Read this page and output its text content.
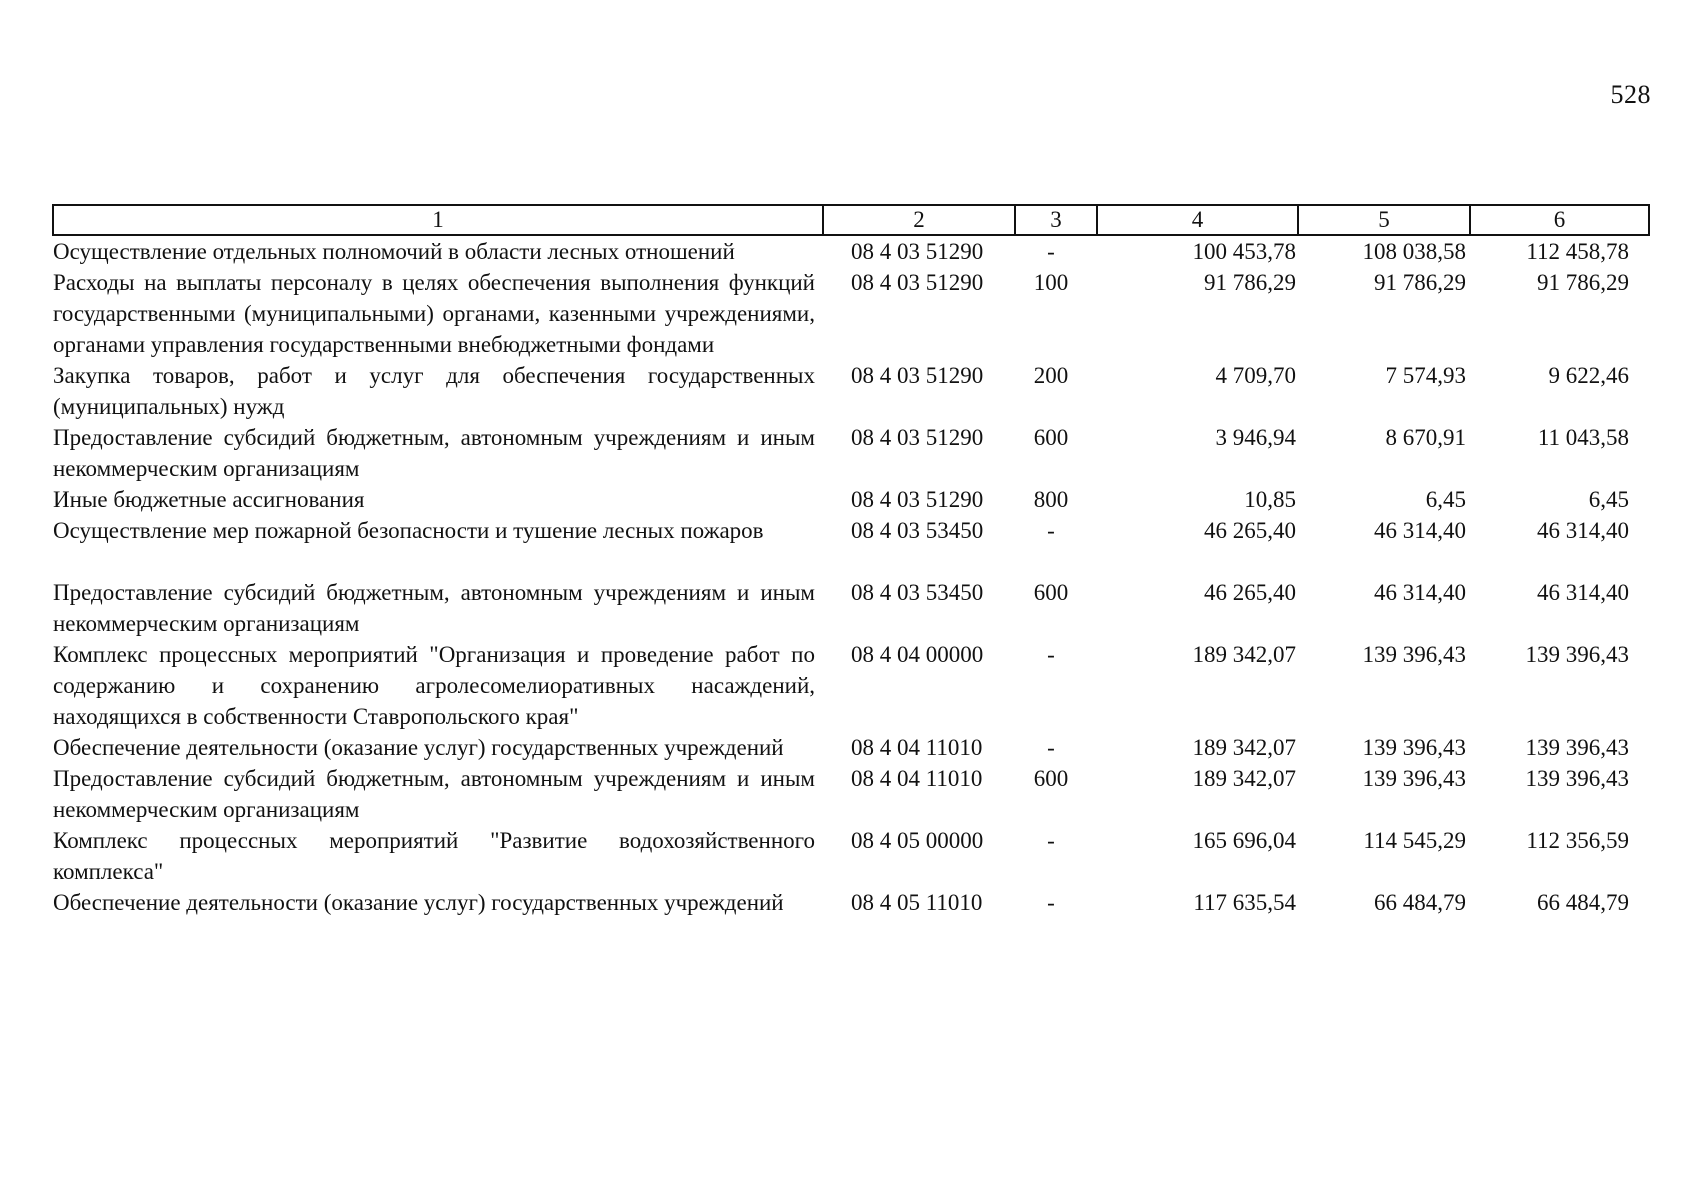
528
1	2	3	4	5	6
Осуществление отдельных полномочий в области лесных отношений	08 4 03 51290	-	100 453,78	108 038,58	112 458,78
Расходы на выплаты персоналу в целях обеспечения выполнения функций государственными (муниципальными) органами, казенными учреждениями, органами управления государственными внебюджетными фондами	08 4 03 51290	100	91 786,29	91 786,29	91 786,29
Закупка товаров, работ и услуг для обеспечения государственных (муниципальных) нужд	08 4 03 51290	200	4 709,70	7 574,93	9 622,46
Предоставление субсидий бюджетным, автономным учреждениям и иным некоммерческим организациям	08 4 03 51290	600	3 946,94	8 670,91	11 043,58
Иные бюджетные ассигнования	08 4 03 51290	800	10,85	6,45	6,45
Осуществление мер пожарной безопасности и тушение лесных пожаров	08 4 03 53450	-	46 265,40	46 314,40	46 314,40
Предоставление субсидий бюджетным, автономным учреждениям и иным некоммерческим организациям	08 4 03 53450	600	46 265,40	46 314,40	46 314,40
Комплекс процессных мероприятий "Организация и проведение работ по содержанию и сохранению агролесомелиоративных насаждений, находящихся в собственности Ставропольского края"	08 4 04 00000	-	189 342,07	139 396,43	139 396,43
Обеспечение деятельности (оказание услуг) государственных учреждений	08 4 04 11010	-	189 342,07	139 396,43	139 396,43
Предоставление субсидий бюджетным, автономным учреждениям и иным некоммерческим организациям	08 4 04 11010	600	189 342,07	139 396,43	139 396,43
Комплекс процессных мероприятий "Развитие водохозяйственного комплекса"	08 4 05 00000	-	165 696,04	114 545,29	112 356,59
Обеспечение деятельности (оказание услуг) государственных учреждений	08 4 05 11010	-	117 635,54	66 484,79	66 484,79
